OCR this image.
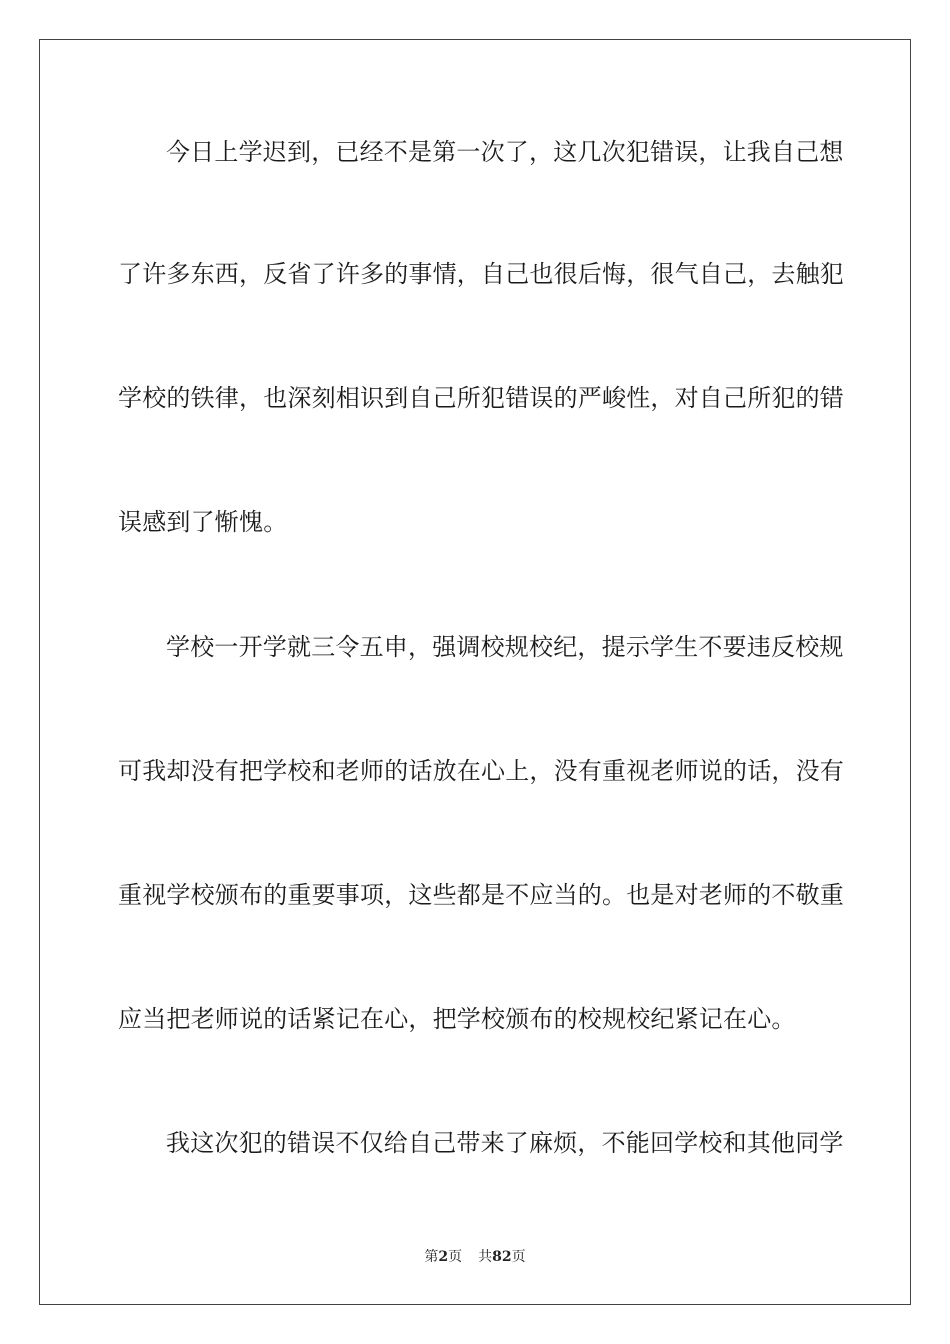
今日上学迟到，已经不是第一次了，这几次犯错误，让我自己想

了许多东西，反省了许多的事情，自己也很后悔，很气自己，去触犯

学校的铁律，也深刻相识到自己所犯错误的严峻性，对自己所犯的错

误感到了惭愧。

学校一开学就三令五申，强调校规校纪，提示学生不要违反校规

可我却没有把学校和老师的话放在心上，没有重视老师说的话，没有

重视学校颁布的重要事项，这些都是不应当的。也是对老师的不敬重

应当把老师说的话紧记在心，把学校颁布的校规校纪紧记在心。

我这次犯的错误不仅给自己带来了麻烦，不能回学校和其他同学

第2页 共82页
